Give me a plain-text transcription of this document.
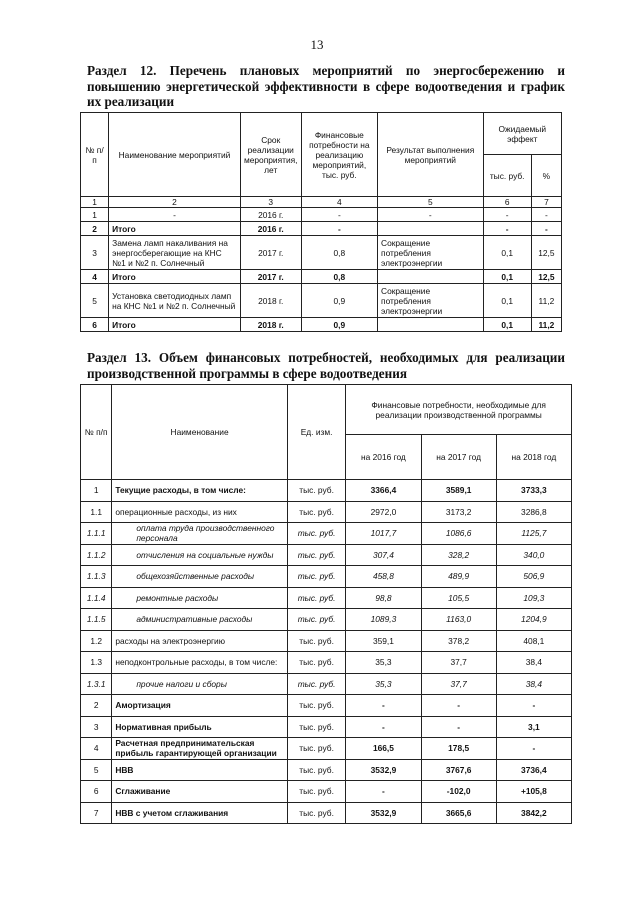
13
Раздел 12. Перечень плановых мероприятий по энергосбережению и повышению энергетической эффективности в сфере водоотведения и график их реализации
№ п/п	Наименование мероприятий	Срок реализации мероприятия, лет	Финансовые потребности на реализацию мероприятий, тыс. руб.	Результат выполнения мероприятий	Ожидаемый эффект	
					тыс. руб.	%
1	2	3	4	5	6	7
1	-	2016 г.	-	-	-	-
2	Итого	2016 г.	-		-	-
3	Замена ламп накаливания на энергосберегающие на КНС №1 и №2 п. Солнечный	2017 г.	0,8	Сокращение потребления электроэнергии	0,1	12,5
4	Итого	2017 г.	0,8		0,1	12,5
5	Установка светодиодных ламп на КНС №1 и №2 п. Солнечный	2018 г.	0,9	Сокращение потребления электроэнергии	0,1	11,2
6	Итого	2018 г.	0,9		0,1	11,2
Раздел 13. Объем финансовых потребностей, необходимых для реализации производственной программы в сфере водоотведения
№ п/п	Наименование	Ед. изм.	Финансовые потребности, необходимые для реализации производственной программы		
			на 2016 год	на 2017 год	на 2018 год
1	Текущие расходы, в том числе:	тыс. руб.	3366,4	3589,1	3733,3
1.1	операционные расходы, из них	тыс. руб.	2972,0	3173,2	3286,8
1.1.1	оплата труда производственного персонала	тыс. руб.	1017,7	1086,6	1125,7
1.1.2	отчисления на социальные нужды	тыс. руб.	307,4	328,2	340,0
1.1.3	общехозяйственные расходы	тыс. руб.	458,8	489,9	506,9
1.1.4	ремонтные расходы	тыс. руб.	98,8	105,5	109,3
1.1.5	административные расходы	тыс. руб.	1089,3	1163,0	1204,9
1.2	расходы на электроэнергию	тыс. руб.	359,1	378,2	408,1
1.3	неподконтрольные расходы, в том числе:	тыс. руб.	35,3	37,7	38,4
1.3.1	прочие налоги и сборы	тыс. руб.	35,3	37,7	38,4
2	Амортизация	тыс. руб.	-	-	-
3	Нормативная прибыль	тыс. руб.	-	-	3,1
4	Расчетная предпринимательская прибыль гарантирующей организации	тыс. руб.	166,5	178,5	-
5	НВВ	тыс. руб.	3532,9	3767,6	3736,4
6	Сглаживание	тыс. руб.	-	-102,0	+105,8
7	НВВ с учетом сглаживания	тыс. руб.	3532,9	3665,6	3842,2
